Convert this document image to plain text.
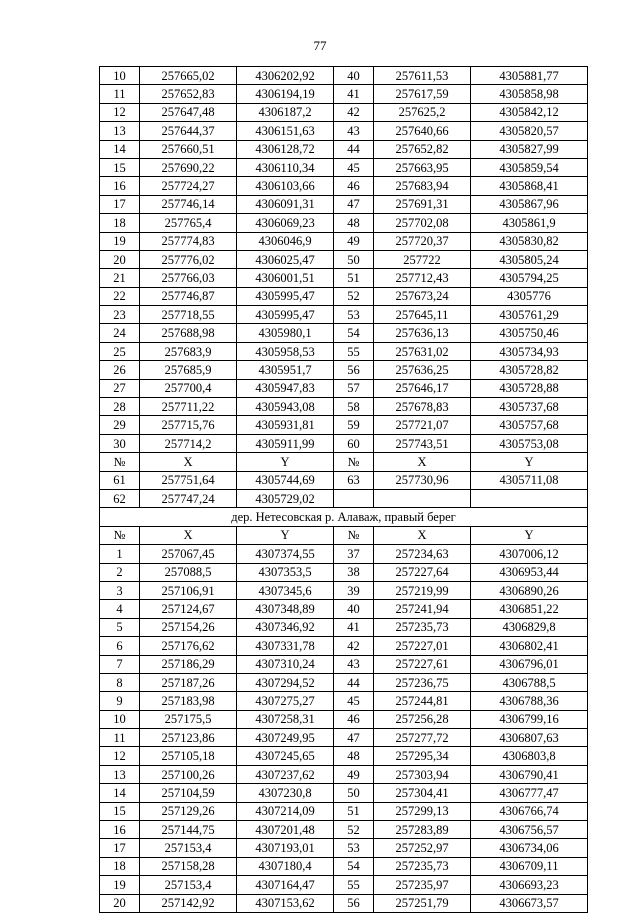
77
10	257665,02	4306202,92	40	257611,53	4305881,77
11	257652,83	4306194,19	41	257617,59	4305858,98
12	257647,48	4306187,2	42	257625,2	4305842,12
13	257644,37	4306151,63	43	257640,66	4305820,57
14	257660,51	4306128,72	44	257652,82	4305827,99
15	257690,22	4306110,34	45	257663,95	4305859,54
16	257724,27	4306103,66	46	257683,94	4305868,41
17	257746,14	4306091,31	47	257691,31	4305867,96
18	257765,4	4306069,23	48	257702,08	4305861,9
19	257774,83	4306046,9	49	257720,37	4305830,82
20	257776,02	4306025,47	50	257722	4305805,24
21	257766,03	4306001,51	51	257712,43	4305794,25
22	257746,87	4305995,47	52	257673,24	4305776
23	257718,55	4305995,47	53	257645,11	4305761,29
24	257688,98	4305980,1	54	257636,13	4305750,46
25	257683,9	4305958,53	55	257631,02	4305734,93
26	257685,9	4305951,7	56	257636,25	4305728,82
27	257700,4	4305947,83	57	257646,17	4305728,88
28	257711,22	4305943,08	58	257678,83	4305737,68
29	257715,76	4305931,81	59	257721,07	4305757,68
30	257714,2	4305911,99	60	257743,51	4305753,08
№	X	Y	№	X	Y
61	257751,64	4305744,69	63	257730,96	4305711,08
62	257747,24	4305729,02			
дер. Нетесовская р. Алаваж, правый берег					
№	X	Y	№	X	Y
1	257067,45	4307374,55	37	257234,63	4307006,12
2	257088,5	4307353,5	38	257227,64	4306953,44
3	257106,91	4307345,6	39	257219,99	4306890,26
4	257124,67	4307348,89	40	257241,94	4306851,22
5	257154,26	4307346,92	41	257235,73	4306829,8
6	257176,62	4307331,78	42	257227,01	4306802,41
7	257186,29	4307310,24	43	257227,61	4306796,01
8	257187,26	4307294,52	44	257236,75	4306788,5
9	257183,98	4307275,27	45	257244,81	4306788,36
10	257175,5	4307258,31	46	257256,28	4306799,16
11	257123,86	4307249,95	47	257277,72	4306807,63
12	257105,18	4307245,65	48	257295,34	4306803,8
13	257100,26	4307237,62	49	257303,94	4306790,41
14	257104,59	4307230,8	50	257304,41	4306777,47
15	257129,26	4307214,09	51	257299,13	4306766,74
16	257144,75	4307201,48	52	257283,89	4306756,57
17	257153,4	4307193,01	53	257252,97	4306734,06
18	257158,28	4307180,4	54	257235,73	4306709,11
19	257153,4	4307164,47	55	257235,97	4306693,23
20	257142,92	4307153,62	56	257251,79	4306673,57
